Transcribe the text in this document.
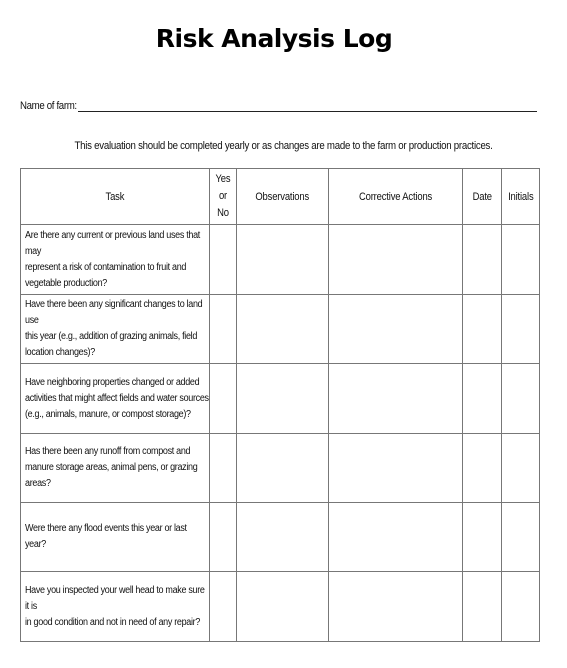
Risk Analysis Log
Name of farm:
This evaluation should be completed yearly or as changes are made to the farm or production practices.
Task	Yes
or
No	Observations	Corrective Actions	Date	Initials

Are there any current or previous land uses that may
represent a risk of contamination to fruit and
vegetable production?					

Have there been any significant changes to land use
this year (e.g., addition of grazing animals, field
location changes)?					

Have neighboring properties changed or added
activities that might affect fields and water sources
(e.g., animals, manure, or compost storage)?					

Has there been any runoff from compost and
manure storage areas, animal pens, or grazing
areas?					

Were there any flood events this year or last year?					

Have you inspected your well head to make sure it is
in good condition and not in need of any repair?					
